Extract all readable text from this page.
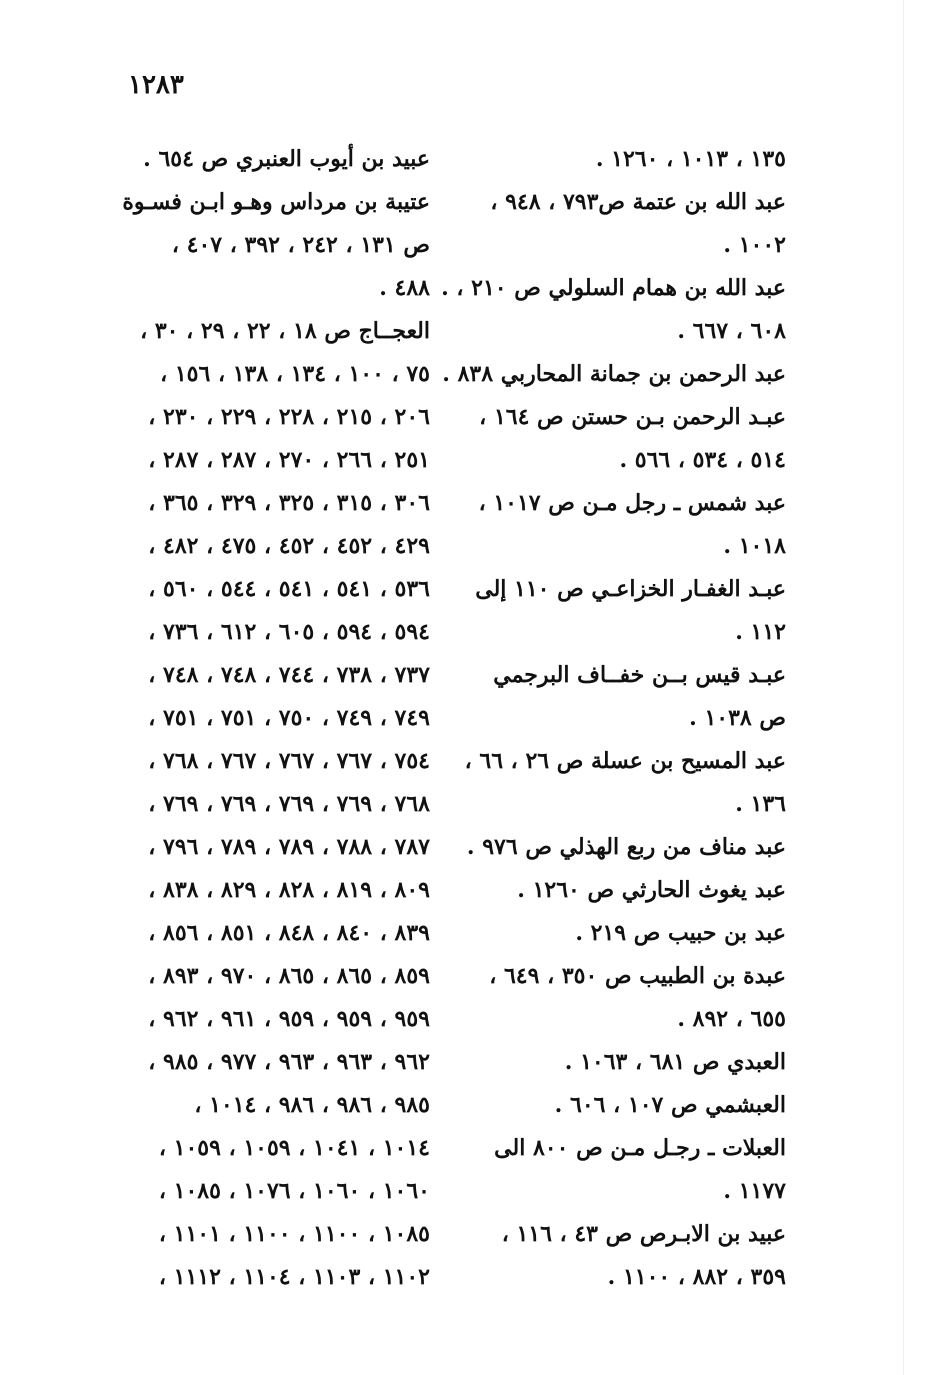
١٢٨٣
١٣٥ ، ١٠١٣ ، ١٢٦٠ .
عبد الله بن عتمة ص٧٩٣ ، ٩٤٨ ،
١٠٠٢ .
عبد الله بن همام السلولي ص ٢١٠ ، .
٦٠٨ ، ٦٦٧ .
عبد الرحمن بن جمانة المحاربي ٨٣٨ .
عبـد الرحمن بـن حستن ص ١٦٤ ،
٥١٤ ، ٥٣٤ ، ٥٦٦ .
عبد شمس ـ رجل مـن ص ١٠١٧ ،
١٠١٨ .
عبـد الغفـار الخزاعـي ص ١١٠ إلى
١١٢ .
عبـد قيس بــن خفــاف البرجمي
ص ١٠٣٨ .
عبد المسيح بن عسلة ص ٢٦ ، ٦٦ ،
١٣٦ .
عبد مناف من ربع الهذلي ص ٩٧٦ .
عبد يغوث الحارثي ص ١٢٦٠ .
عبد بن حبيب ص ٢١٩ .
عبدة بن الطبيب ص ٣٥٠ ، ٦٤٩ ،
٦٥٥ ، ٨٩٢ .
العبدي ص ٦٨١ ، ١٠٦٣ .
العبشمي ص ١٠٧ ، ٦٠٦ .
العبلات ـ رجـل مـن ص ٨٠٠ الى
١١٧٧ .
عبيد بن الابـرص ص ٤٣ ، ١١٦ ،
٣٥٩ ، ٨٨٢ ، ١١٠٠ .
عبيد بن أيوب العنبري ص ٦٥٤ .
عتيبة بن مرداس وهـو ابـن فسـوة
ص ١٣١ ، ٢٤٢ ، ٣٩٢ ، ٤٠٧ ،
٤٨٨ .
العجــاج ص ١٨ ، ٢٢ ، ٢٩ ، ٣٠ ،
٧٥ ، ١٠٠ ، ١٣٤ ، ١٣٨ ، ١٥٦ ،
٢٠٦ ، ٢١٥ ، ٢٢٨ ، ٢٢٩ ، ٢٣٠ ،
٢٥١ ، ٢٦٦ ، ٢٧٠ ، ٢٨٧ ، ٢٨٧ ،
٣٠٦ ، ٣١٥ ، ٣٢٥ ، ٣٢٩ ، ٣٦٥ ،
٤٢٩ ، ٤٥٢ ، ٤٥٢ ، ٤٧٥ ، ٤٨٢ ،
٥٣٦ ، ٥٤١ ، ٥٤١ ، ٥٤٤ ، ٥٦٠ ،
٥٩٤ ، ٥٩٤ ، ٦٠٥ ، ٦١٢ ، ٧٣٦ ،
٧٣٧ ، ٧٣٨ ، ٧٤٤ ، ٧٤٨ ، ٧٤٨ ،
٧٤٩ ، ٧٤٩ ، ٧٥٠ ، ٧٥١ ، ٧٥١ ،
٧٥٤ ، ٧٦٧ ، ٧٦٧ ، ٧٦٧ ، ٧٦٨ ،
٧٦٨ ، ٧٦٩ ، ٧٦٩ ، ٧٦٩ ، ٧٦٩ ،
٧٨٧ ، ٧٨٨ ، ٧٨٩ ، ٧٨٩ ، ٧٩٦ ،
٨٠٩ ، ٨١٩ ، ٨٢٨ ، ٨٢٩ ، ٨٣٨ ،
٨٣٩ ، ٨٤٠ ، ٨٤٨ ، ٨٥١ ، ٨٥٦ ،
٨٥٩ ، ٨٦٥ ، ٨٦٥ ، ٩٧٠ ، ٨٩٣ ،
٩٥٩ ، ٩٥٩ ، ٩٥٩ ، ٩٦١ ، ٩٦٢ ،
٩٦٢ ، ٩٦٣ ، ٩٦٣ ، ٩٧٧ ، ٩٨٥ ،
٩٨٥ ، ٩٨٦ ، ٩٨٦ ، ١٠١٤ ،
١٠١٤ ، ١٠٤١ ، ١٠٥٩ ، ١٠٥٩ ،
١٠٦٠ ، ١٠٦٠ ، ١٠٧٦ ، ١٠٨٥ ،
١٠٨٥ ، ١١٠٠ ، ١١٠٠ ، ١١٠١ ،
١١٠٢ ، ١١٠٣ ، ١١٠٤ ، ١١١٢ ،
